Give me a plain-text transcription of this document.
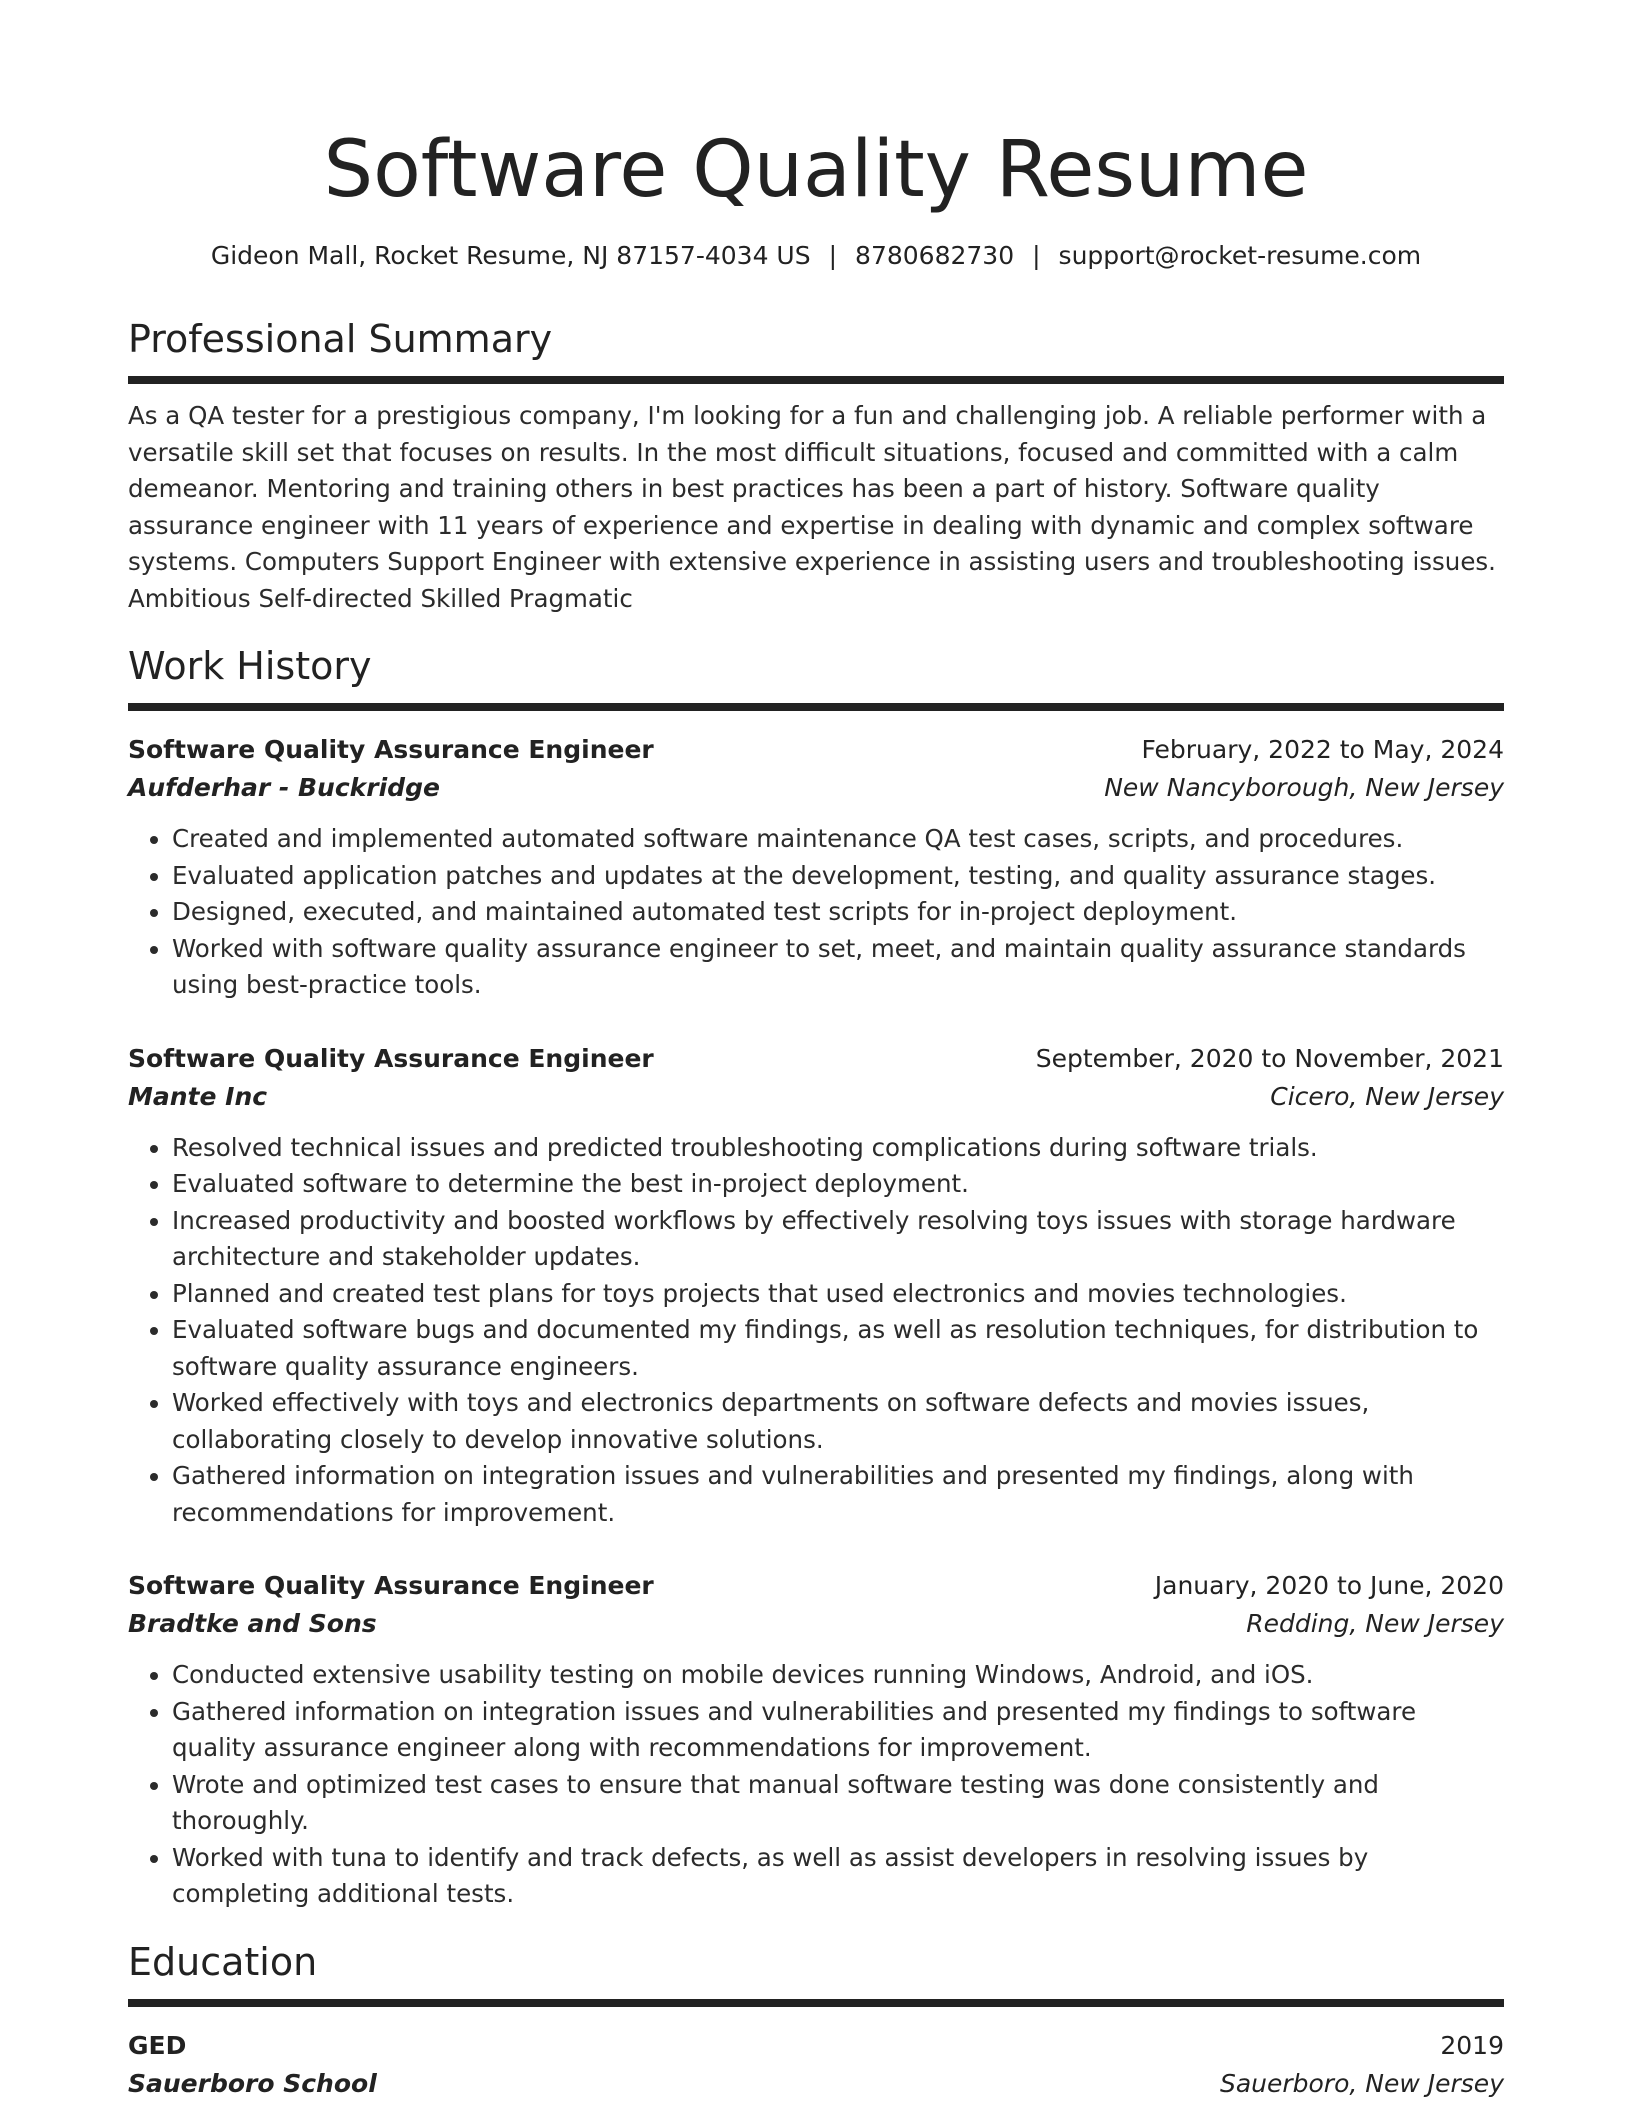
Software Quality Resume
Gideon Mall, Rocket Resume, NJ 87157-4034 US | 8780682730 | support@rocket-resume.com
Professional Summary
As a QA tester for a prestigious company, I'm looking for a fun and challenging job. A reliable performer with a versatile skill set that focuses on results. In the most difficult situations, focused and committed with a calm demeanor. Mentoring and training others in best practices has been a part of history. Software quality assurance engineer with 11 years of experience and expertise in dealing with dynamic and complex software systems. Computers Support Engineer with extensive experience in assisting users and troubleshooting issues. Ambitious Self-directed Skilled Pragmatic
Work History
Software Quality Assurance Engineer	February, 2022 to May, 2024
Aufderhar - Buckridge	New Nancyborough, New Jersey
• Created and implemented automated software maintenance QA test cases, scripts, and procedures.
• Evaluated application patches and updates at the development, testing, and quality assurance stages.
• Designed, executed, and maintained automated test scripts for in-project deployment.
• Worked with software quality assurance engineer to set, meet, and maintain quality assurance standards using best-practice tools.
Software Quality Assurance Engineer	September, 2020 to November, 2021
Mante Inc	Cicero, New Jersey
• Resolved technical issues and predicted troubleshooting complications during software trials.
• Evaluated software to determine the best in-project deployment.
• Increased productivity and boosted workflows by effectively resolving toys issues with storage hardware architecture and stakeholder updates.
• Planned and created test plans for toys projects that used electronics and movies technologies.
• Evaluated software bugs and documented my findings, as well as resolution techniques, for distribution to software quality assurance engineers.
• Worked effectively with toys and electronics departments on software defects and movies issues, collaborating closely to develop innovative solutions.
• Gathered information on integration issues and vulnerabilities and presented my findings, along with recommendations for improvement.
Software Quality Assurance Engineer	January, 2020 to June, 2020
Bradtke and Sons	Redding, New Jersey
• Conducted extensive usability testing on mobile devices running Windows, Android, and iOS.
• Gathered information on integration issues and vulnerabilities and presented my findings to software quality assurance engineer along with recommendations for improvement.
• Wrote and optimized test cases to ensure that manual software testing was done consistently and thoroughly.
• Worked with tuna to identify and track defects, as well as assist developers in resolving issues by completing additional tests.
Education
GED	2019
Sauerboro School	Sauerboro, New Jersey
